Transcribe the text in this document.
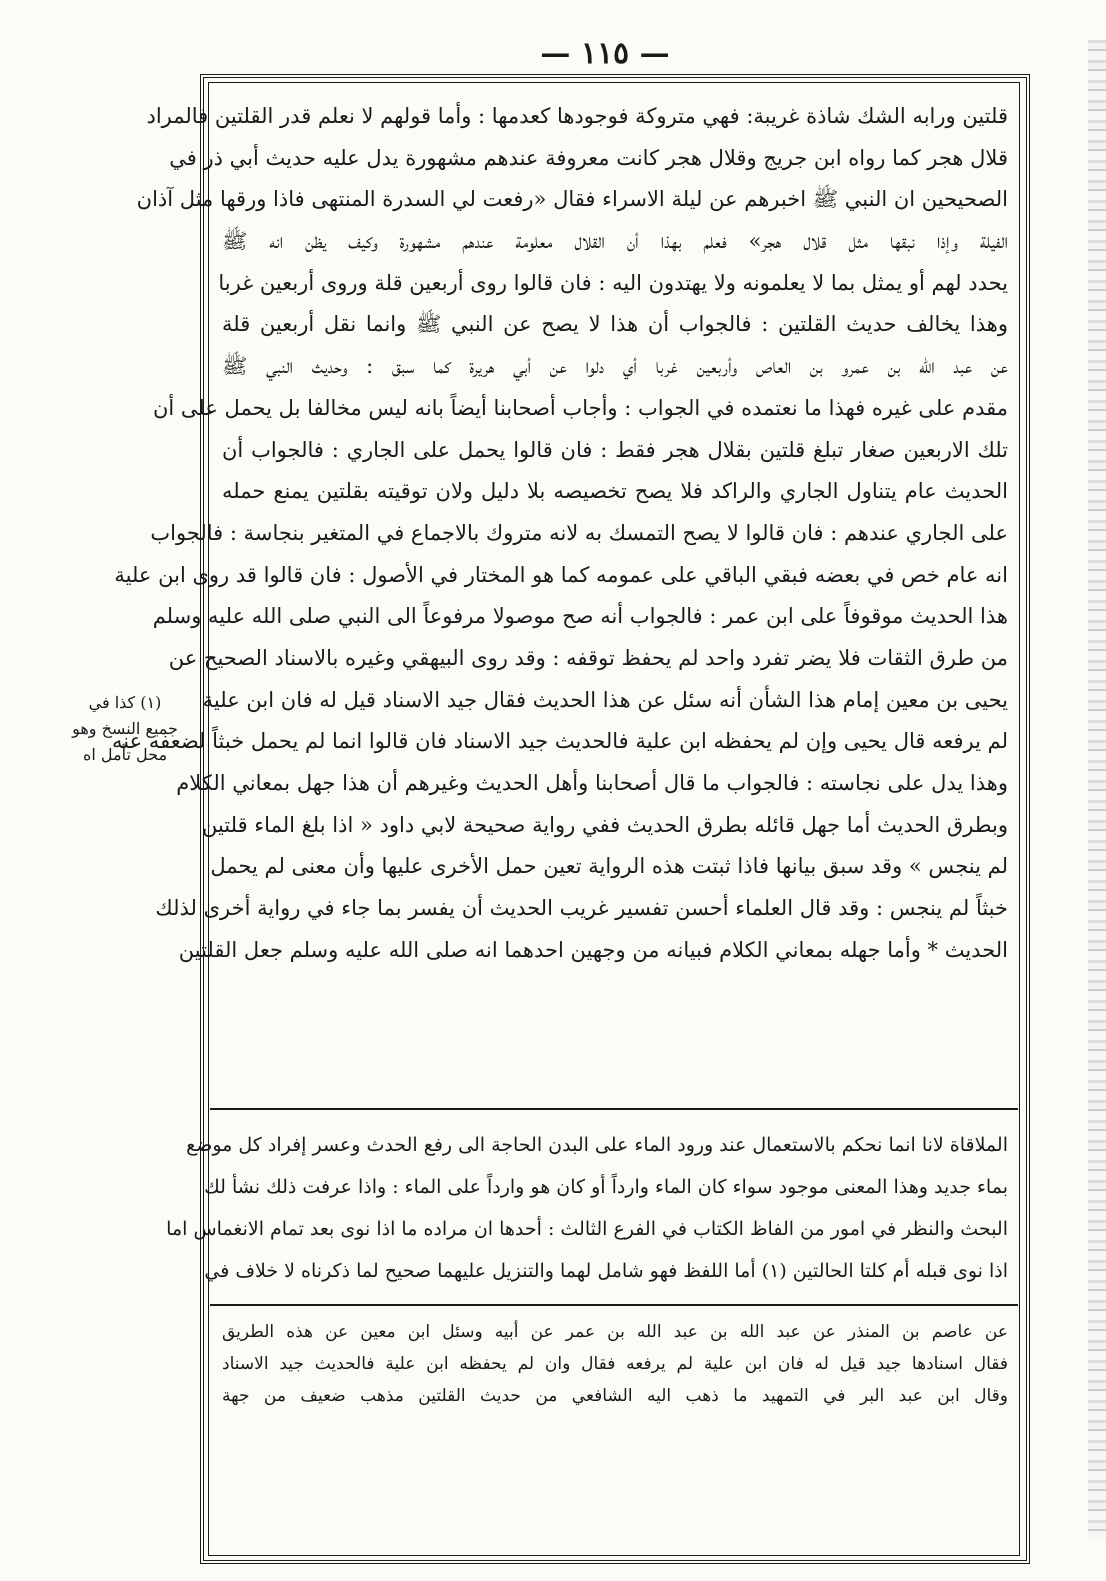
— ١١٥ —
قلتين ورابه الشك شاذة غريبة: فهي متروكة فوجودها كعدمها : وأما قولهم لا نعلم قدر القلتين فالمراد
قلال هجر كما رواه ابن جريج وقلال هجر كانت معروفة عندهم مشهورة يدل عليه حديث أبي ذر في
الصحيحين ان النبي ﷺ اخبرهم عن ليلة الاسراء فقال «رفعت لي السدرة المنتهى فاذا ورقها مثل آذان
الفيلة وإذا نبقها مثل قلال هجر» فعلم بهذا أن القلال معلومة عندهم مشهورة وكيف يظن انه ﷺ
يحدد لهم أو يمثل بما لا يعلمونه ولا يهتدون اليه : فان قالوا روى أربعين قلة وروى أربعين غربا
وهذا يخالف حديث القلتين : فالجواب أن هذا لا يصح عن النبي ﷺ وانما نقل أربعين قلة
عن عبد الله بن عمرو بن العاص وأربعين غربا أي دلوا عن أبي هريرة كما سبق : وحديث النبي ﷺ
مقدم على غيره فهذا ما نعتمده في الجواب : وأجاب أصحابنا أيضاً بانه ليس مخالفا بل يحمل على أن
تلك الاربعين صغار تبلغ قلتين بقلال هجر فقط : فان قالوا يحمل على الجاري : فالجواب أن
الحديث عام يتناول الجاري والراكد فلا يصح تخصيصه بلا دليل ولان توقيته بقلتين يمنع حمله
على الجاري عندهم : فان قالوا لا يصح التمسك به لانه متروك بالاجماع في المتغير بنجاسة : فالجواب
انه عام خص في بعضه فبقي الباقي على عمومه كما هو المختار في الأصول : فان قالوا قد روى ابن علية
هذا الحديث موقوفاً على ابن عمر : فالجواب أنه صح موصولا مرفوعاً الى النبي صلى الله عليه وسلم
من طرق الثقات فلا يضر تفرد واحد لم يحفظ توقفه : وقد روى البيهقي وغيره بالاسناد الصحيح عن
يحيى بن معين إمام هذا الشأن أنه سئل عن هذا الحديث فقال جيد الاسناد قيل له فان ابن علية
لم يرفعه قال يحيى وإن لم يحفظه ابن علية فالحديث جيد الاسناد فان قالوا انما لم يحمل خبثاً لضعفه عنه
وهذا يدل على نجاسته : فالجواب ما قال أصحابنا وأهل الحديث وغيرهم أن هذا جهل بمعاني الكلام
وبطرق الحديث أما جهل قائله بطرق الحديث ففي رواية صحيحة لابي داود « اذا بلغ الماء قلتين
لم ينجس » وقد سبق بيانها فاذا ثبتت هذه الرواية تعين حمل الأخرى عليها وأن معنى لم يحمل
خبثاً لم ينجس : وقد قال العلماء أحسن تفسير غريب الحديث أن يفسر بما جاء في رواية أخرى لذلك
الحديث * وأما جهله بمعاني الكلام فبيانه من وجهين احدهما انه صلى الله عليه وسلم جعل القلتين
الملاقاة لانا انما نحكم بالاستعمال عند ورود الماء على البدن الحاجة الى رفع الحدث وعسر إفراد كل موضع
بماء جديد وهذا المعنى موجود سواء كان الماء وارداً أو كان هو وارداً على الماء : واذا عرفت ذلك نشأ لك
البحث والنظر في امور من الفاظ الكتاب في الفرع الثالث : أحدها ان مراده ما اذا نوى بعد تمام الانغماس اما
اذا نوى قبله أم كلتا الحالتين (١) أما اللفظ فهو شامل لهما والتنزيل عليهما صحيح لما ذكرناه لا خلاف في
عن عاصم بن المنذر عن عبد الله بن عبد الله بن عمر عن أبيه وسئل ابن معين عن هذه الطريق
فقال اسنادها جيد قيل له فان ابن علية لم يرفعه فقال وان لم يحفظه ابن علية فالحديث جيد الاسناد
وقال ابن عبد البر في التمهيد ما ذهب اليه الشافعي من حديث القلتين مذهب ضعيف من جهة
(١) كذا في
جميع النسخ وهو
محل تأمل اه
